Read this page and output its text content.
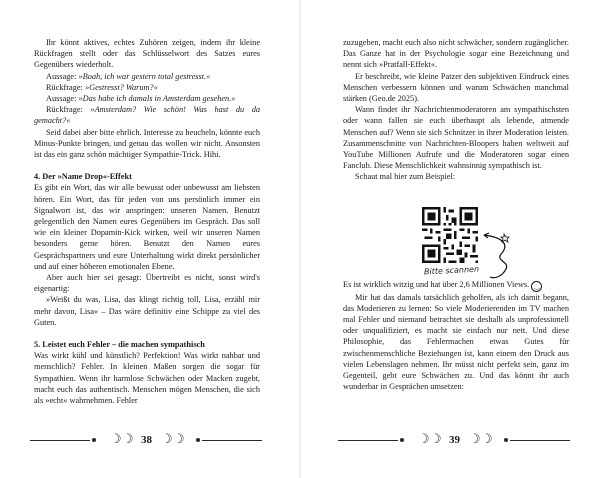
Ihr könnt aktives, echtes Zuhören zeigen, indem ihr kleine Rückfragen stellt oder das Schlüsselwort des Satzes eures Gegenübers wiederholt.

Aussage: »Boah, ich war gestern total gestresst.«

Rückfrage: »Gestresst? Warum?«

Aussage: »Das habe ich damals in Amsterdam gesehen.«

Rückfrage: »Amsterdam? Wie schön! Was hast du da gemacht?«

Seid dabei aber bitte ehrlich. Interesse zu heucheln, könnte euch Minus-Punkte bringen, und genau das wollen wir nicht. Ansonsten ist das ein ganz schön mächtiger Sympathie-Trick. Hihi.

4. Der »Name Drop«-Effekt

Es gibt ein Wort, das wir alle bewusst oder unbewusst am liebsten hören. Ein Wort, das für jeden von uns persönlich immer ein Signalwort ist, das wir anspringen: unseren Namen. Benutzt gelegentlich den Namen eures Gegenübers im Gespräch. Das soll wie ein kleiner Dopamin-Kick wirken, weil wir unseren Namen besonders gerne hören. Benutzt den Namen eures Gesprächspartners und eure Unterhaltung wirkt direkt persönlicher und auf einer höheren emotionalen Ebene.

Aber auch hier sei gesagt: Übertreibt es nicht, sonst wird's eigenartig:

»Weißt du was, Lisa, das klingt richtig toll, Lisa, erzähl mir mehr davon, Lisa« – Das wäre definitiv eine Schippe zu viel des Guten.

5. Leistet euch Fehler – die machen sympathisch

Was wirkt kühl und künstlich? Perfektion! Was wirkt nahbar und menschlich? Fehler. In kleinen Maßen sorgen die sogar für Sympathien. Wenn ihr harmlose Schwächen oder Macken zugebt, macht euch das authentisch. Menschen mögen Menschen, die sich als »echt« wahrnehmen. Fehler

zuzugeben, macht euch also nicht schwächer, sondern zugänglicher. Das Ganze hat in der Psychologie sogar eine Bezeichnung und nennt sich »Pratfall-Effekt«.

Er beschreibt, wie kleine Patzer den subjektiven Eindruck eines Menschen verbessern können und warum Schwächen manchmal stärken (Geo.de 2025).

Wann findet ihr Nachrichtenmoderatoren am sympathischsten oder wann fallen sie euch überhaupt als lebende, atmende Menschen auf? Wenn sie sich Schnitzer in ihrer Moderation leisten. Zusammenschnitte von Nachrichten-Bloopers haben weltweit auf YouTube Millionen Aufrufe und die Moderatoren sogar einen Fanclub. Diese Menschlichkeit wahnsinnig sympathisch ist.

Schaut mal hier zum Beispiel:

Es ist wirklich witzig und hat über 2,6 Millionen Views. ‿

Mir hat das damals tatsächlich geholfen, als ich damit begann, das Moderieren zu lernen: So viele Moderierenden im TV machen mal Fehler und niemand betrachtet sie deshalb als unprofessionell oder unqualifiziert, es macht sie einfach nur nett. Und diese Philosophie, das Fehlermachen etwas Gutes für zwischenmenschliche Beziehungen ist, kann einem den Druck aus vielen Lebenslagen nehmen. Ihr müsst nicht perfekt sein, ganz im Gegenteil, gebt eure Schwächen zu. Und das könnt ihr auch wunderbar in Gesprächen umsetzen:

Bitte scannen
☽ ☽ 38 ☽ ☽	☽ ☽ 39 ☽ ☽
